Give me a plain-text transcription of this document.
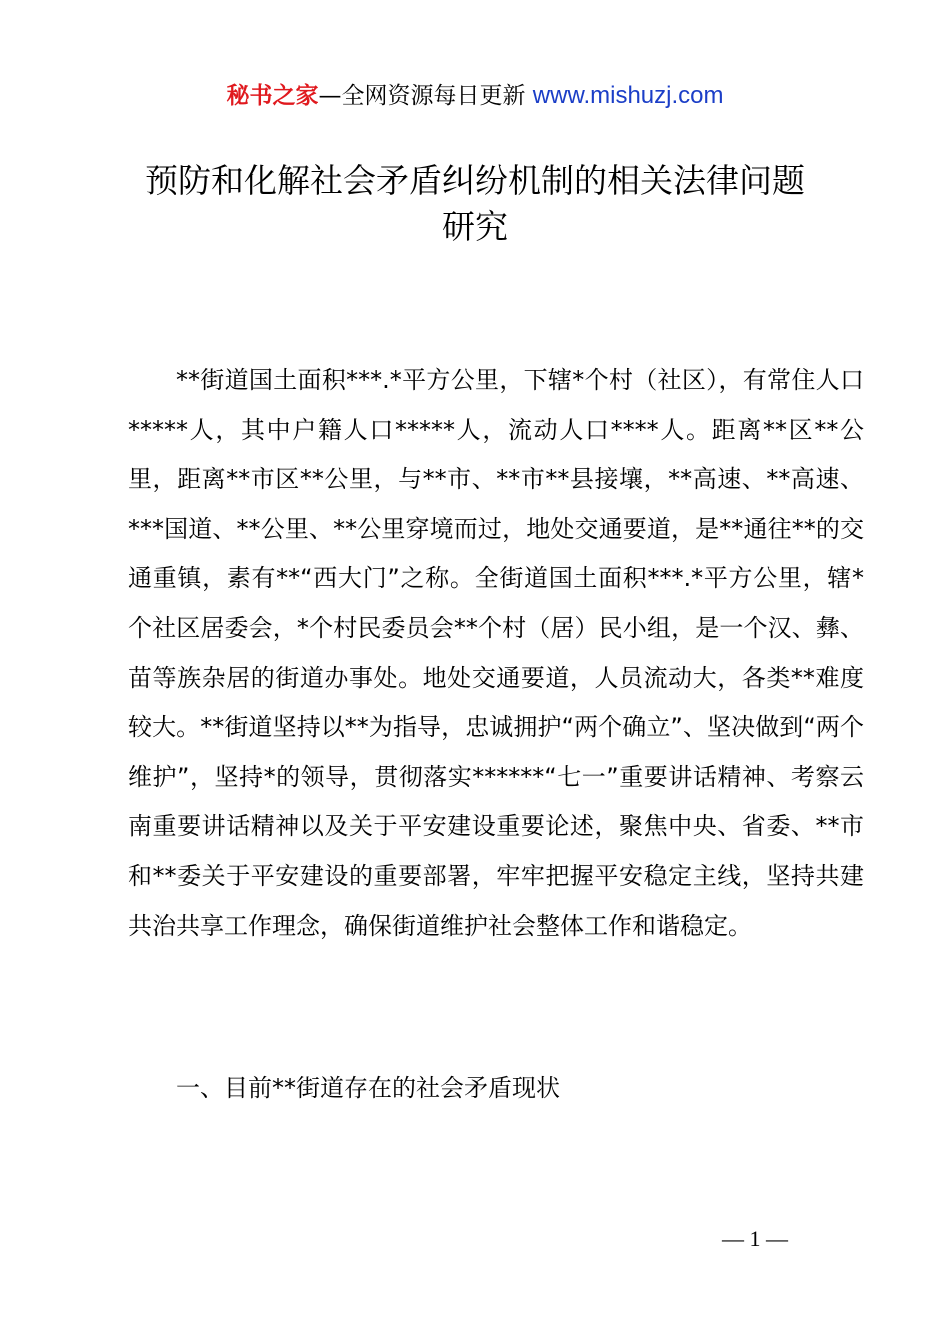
秘书之家—全网资源每日更新 www.mishuzj.com
预防和化解社会矛盾纠纷机制的相关法律问题
研究

**街道国土面积***.*平方公里，下辖*个村（社区），有常住人口*****人，其中户籍人口*****人，流动人口****人。距离**区**公里，距离**市区**公里，与**市、**市**县接壤，**高速、**高速、***国道、**公里、**公里穿境而过，地处交通要道，是**通往**的交通重镇，素有**“西大门”之称。全街道国土面积***.*平方公里，辖*个社区居委会，*个村民委员会**个村（居）民小组，是一个汉、彝、苗等族杂居的街道办事处。地处交通要道，人员流动大，各类**难度较大。**街道坚持以**为指导，忠诚拥护“两个确立”、坚决做到“两个维护”，坚持*的领导，贯彻落实******“七一”重要讲话精神、考察云南重要讲话精神以及关于平安建设重要论述，聚焦中央、省委、**市和**委关于平安建设的重要部署，牢牢把握平安稳定主线，坚持共建共治共享工作理念，确保街道维护社会整体工作和谐稳定。

一、目前**街道存在的社会矛盾现状
— 1 —
